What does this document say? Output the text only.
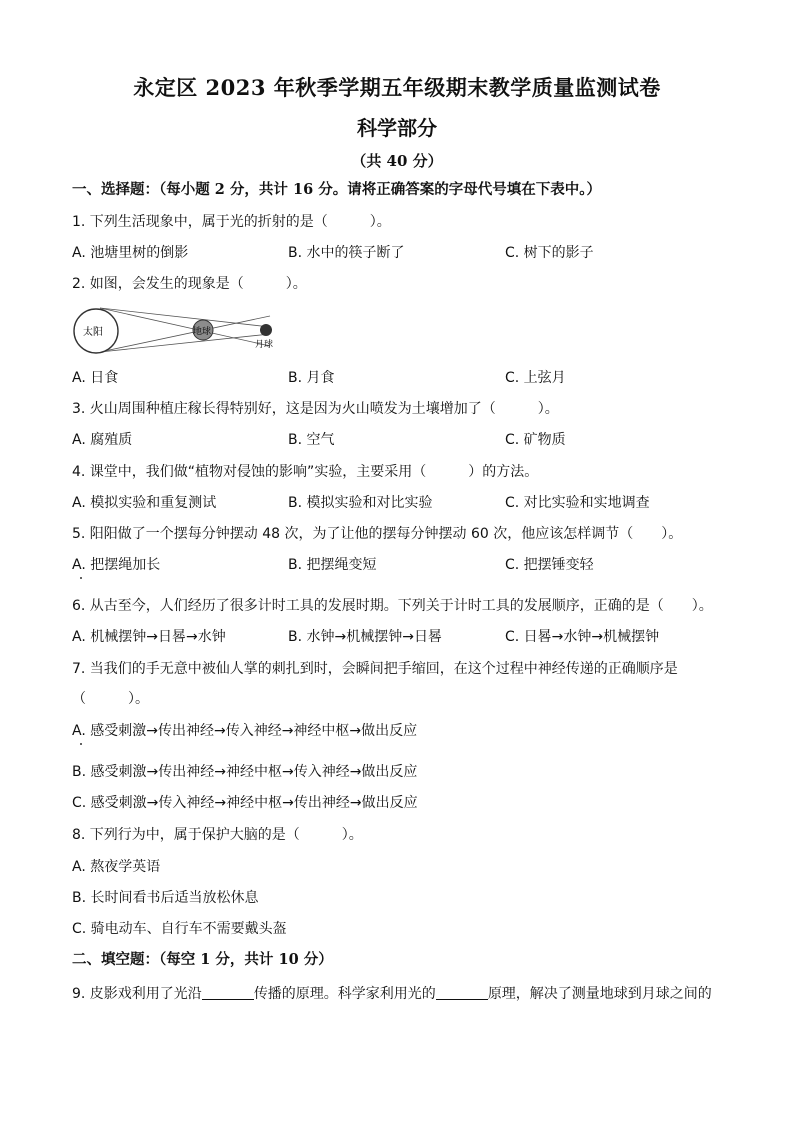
永定区 2023 年秋季学期五年级期末教学质量监测试卷
科学部分
（共 40 分）
一、选择题：（每小题 2 分，共计 16 分。请将正确答案的字母代号填在下表中。）
1. 下列生活现象中，属于光的折射的是（　　　）。
A. 池塘里树的倒影	B. 水中的筷子断了	C. 树下的影子
2. 如图，会发生的现象是（　　　）。
太阳	地球
月球
A. 日食	B. 月食	C. 上弦月
3. 火山周围种植庄稼长得特别好，这是因为火山喷发为土壤增加了（　　　）。
A. 腐殖质	B. 空气	C. 矿物质
4. 课堂中，我们做“植物对侵蚀的影响”实验，主要采用（　　　）的方法。
A. 模拟实验和重复测试	B. 模拟实验和对比实验	C. 对比实验和实地调查
5. 阳阳做了一个摆每分钟摆动 48 次，为了让他的摆每分钟摆动 60 次，他应该怎样调节（　　）。
A. 把摆绳加长	B. 把摆绳变短	C. 把摆锤变轻
6. 从古至今，人们经历了很多计时工具的发展时期。下列关于计时工具的发展顺序，正确的是（　　）。
A. 机械摆钟→日晷→水钟	B. 水钟→机械摆钟→日晷	C. 日晷→水钟→机械摆钟
7. 当我们的手无意中被仙人掌的刺扎到时，会瞬间把手缩回，在这个过程中神经传递的正确顺序是
（　　　）。
A. 感受刺激→传出神经→传入神经→神经中枢→做出反应
B. 感受刺激→传出神经→神经中枢→传入神经→做出反应
C. 感受刺激→传入神经→神经中枢→传出神经→做出反应
8. 下列行为中，属于保护大脑的是（　　　）。
A. 熬夜学英语
B. 长时间看书后适当放松休息
C. 骑电动车、自行车不需要戴头盔
二、填空题：（每空 1 分，共计 10 分）
9. 皮影戏利用了光沿	传播的原理。科学家利用光的	原理，解决了测量地球到月球之间的
